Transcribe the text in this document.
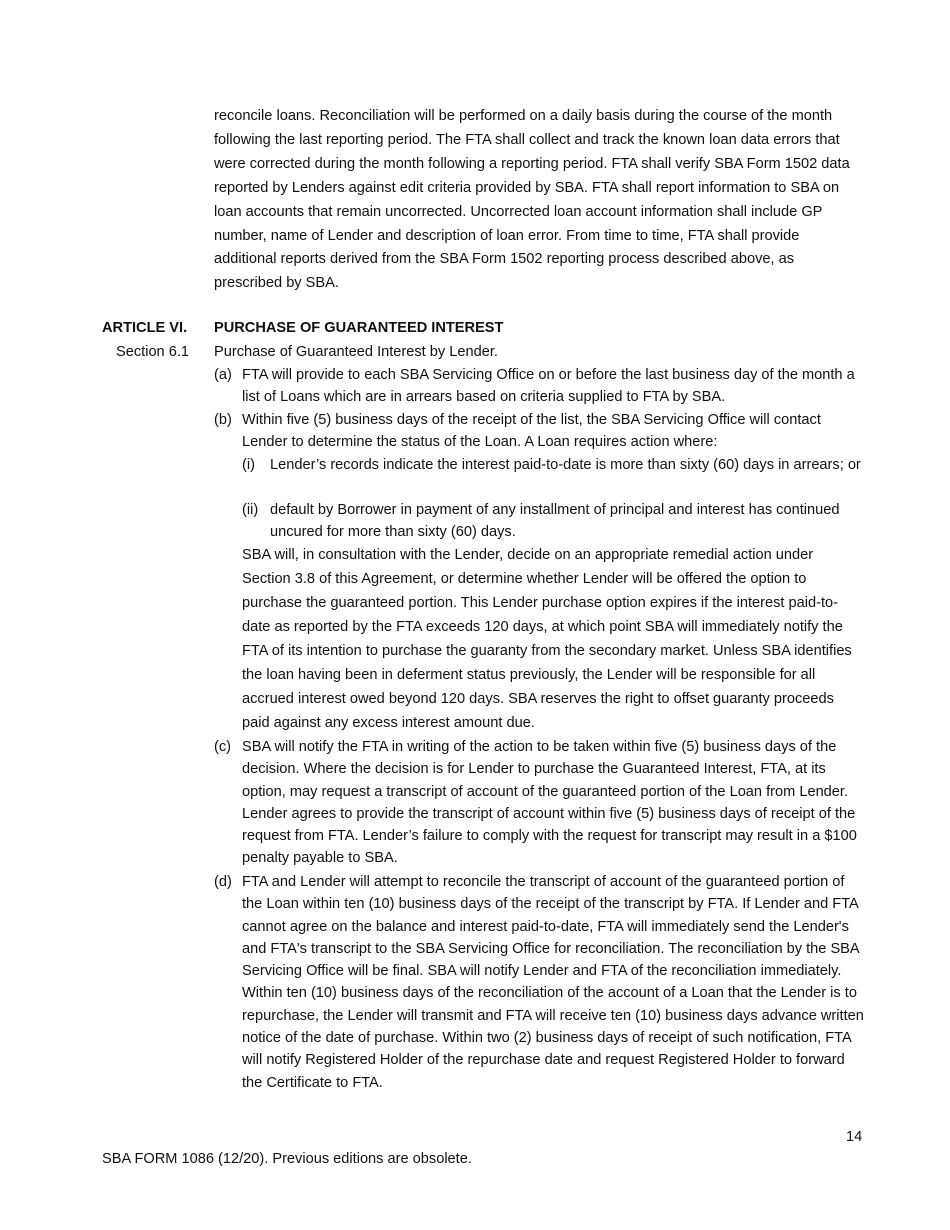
reconcile loans. Reconciliation will be performed on a daily basis during the course of the month following the last reporting period. The FTA shall collect and track the known loan data errors that were corrected during the month following a reporting period. FTA shall verify SBA Form 1502 data reported by Lenders against edit criteria provided by SBA. FTA shall report information to SBA on loan accounts that remain uncorrected. Uncorrected loan account information shall include GP number, name of Lender and description of loan error. From time to time, FTA shall provide additional reports derived from the SBA Form 1502 reporting process described above, as prescribed by SBA.

ARTICLE VI. PURCHASE OF GUARANTEED INTEREST
Section 6.1 Purchase of Guaranteed Interest by Lender.
(a) FTA will provide to each SBA Servicing Office on or before the last business day of the month a list of Loans which are in arrears based on criteria supplied to FTA by SBA.
(b) Within five (5) business days of the receipt of the list, the SBA Servicing Office will contact Lender to determine the status of the Loan. A Loan requires action where:
(i) Lender’s records indicate the interest paid-to-date is more than sixty (60) days in arrears; or
(ii) default by Borrower in payment of any installment of principal and interest has continued uncured for more than sixty (60) days.

SBA will, in consultation with the Lender, decide on an appropriate remedial action under Section 3.8 of this Agreement, or determine whether Lender will be offered the option to purchase the guaranteed portion. This Lender purchase option expires if the interest paid-to-date as reported by the FTA exceeds 120 days, at which point SBA will immediately notify the FTA of its intention to purchase the guaranty from the secondary market. Unless SBA identifies the loan having been in deferment status previously, the Lender will be responsible for all accrued interest owed beyond 120 days. SBA reserves the right to offset guaranty proceeds paid against any excess interest amount due.

(c) SBA will notify the FTA in writing of the action to be taken within five (5) business days of the decision. Where the decision is for Lender to purchase the Guaranteed Interest, FTA, at its option, may request a transcript of account of the guaranteed portion of the Loan from Lender. Lender agrees to provide the transcript of account within five (5) business days of receipt of the request from FTA. Lender’s failure to comply with the request for transcript may result in a $100 penalty payable to SBA.
(d) FTA and Lender will attempt to reconcile the transcript of account of the guaranteed portion of the Loan within ten (10) business days of the receipt of the transcript by FTA. If Lender and FTA cannot agree on the balance and interest paid-to-date, FTA will immediately send the Lender's and FTA's transcript to the SBA Servicing Office for reconciliation. The reconciliation by the SBA Servicing Office will be final. SBA will notify Lender and FTA of the reconciliation immediately. Within ten (10) business days of the reconciliation of the account of a Loan that the Lender is to repurchase, the Lender will transmit and FTA will receive ten (10) business days advance written notice of the date of purchase. Within two (2) business days of receipt of such notification, FTA will notify Registered Holder of the repurchase date and request Registered Holder to forward the Certificate to FTA.
14
SBA FORM 1086 (12/20). Previous editions are obsolete.
